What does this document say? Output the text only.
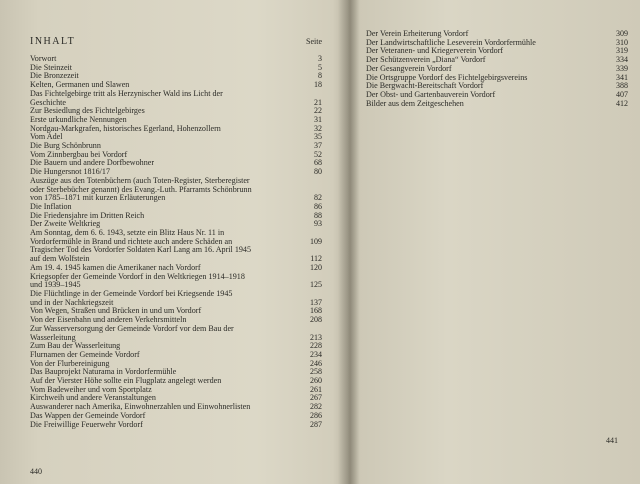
INHALT	Seite
Vorwort	3
Die Steinzeit	5
Die Bronzezeit	8
Kelten, Germanen und Slawen	18
Das Fichtelgebirge tritt als Herzynischer Wald ins Licht der
Geschichte	21
Zur Besiedlung des Fichtelgebirges	22
Erste urkundliche Nennungen	31
Nordgau-Markgrafen, historisches Egerland, Hohenzollern	32
Vom Adel	35
Die Burg Schönbrunn	37
Vom Zinnbergbau bei Vordorf	52
Die Bauern und andere Dorfbewohner	68
Die Hungersnot 1816/17	80
Auszüge aus den Totenbüchern (auch Toten-Register, Sterberegister
oder Sterbebücher genannt) des Evang.-Luth. Pfarramts Schönbrunn
von 1785–1871 mit kurzen Erläuterungen	82
Die Inflation	86
Die Friedensjahre im Dritten Reich	88
Der Zweite Weltkrieg	93
Am Sonntag, dem 6. 6. 1943, setzte ein Blitz Haus Nr. 11 in
Vordorfermühle in Brand und richtete auch andere Schäden an	109
Tragischer Tod des Vordorfer Soldaten Karl Lang am 16. April 1945
auf dem Wolfstein	112
Am 19. 4. 1945 kamen die Amerikaner nach Vordorf	120
Kriegsopfer der Gemeinde Vordorf in den Weltkriegen 1914–1918
und 1939–1945	125
Die Flüchtlinge in der Gemeinde Vordorf bei Kriegsende 1945
und in der Nachkriegszeit	137
Von Wegen, Straßen und Brücken in und um Vordorf	168
Von der Eisenbahn und anderen Verkehrsmitteln	208
Zur Wasserversorgung der Gemeinde Vordorf vor dem Bau der
Wasserleitung	213
Zum Bau der Wasserleitung	228
Flurnamen der Gemeinde Vordorf	234
Von der Flurbereinigung	246
Das Bauprojekt Naturama in Vordorfermühle	258
Auf der Vierster Höhe sollte ein Flugplatz angelegt werden	260
Vom Badeweiher und vom Sportplatz	261
Kirchweih und andere Veranstaltungen	267
Auswanderer nach Amerika, Einwohnerzahlen und Einwohnerlisten	282
Das Wappen der Gemeinde Vordorf	286
Die Freiwillige Feuerwehr Vordorf	287
Der Verein Erheiterung Vordorf	309
Der Landwirtschaftliche Leseverein Vordorfermühle	310
Der Veteranen- und Kriegerverein Vordorf	319
Der Schützenverein „Diana“ Vordorf	334
Der Gesangverein Vordorf	339
Die Ortsgruppe Vordorf des Fichtelgebirgsvereins	341
Die Bergwacht-Bereitschaft Vordorf	388
Der Obst- und Gartenbauverein Vordorf	407
Bilder aus dem Zeitgeschehen	412
440
441
